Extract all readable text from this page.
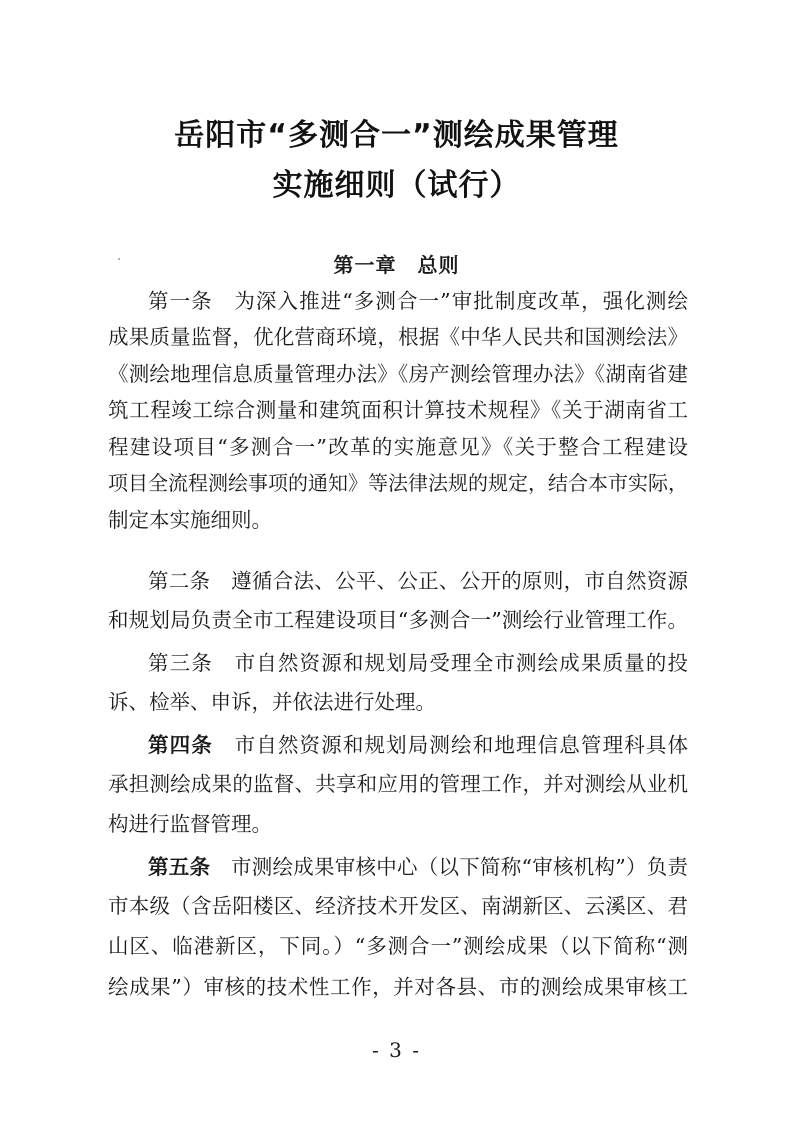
岳阳市“多测合一”测绘成果管理
实施细则（试行）
第一章　总则
第一条　 为深入推进“多测合一”审批制度改革，强化测绘
成果质量监督，优化营商环境，根据《中华人民共和国测绘法》
《测绘地理信息质量管理办法》《房产测绘管理办法》《湖南省建
筑工程竣工综合测量和建筑面积计算技术规程》《关于湖南省工
程建设项目“多测合一”改革的实施意见》《关于整合工程建设
项目全流程测绘事项的通知》等法律法规的规定，结合本市实际，
制定本实施细则。
第二条　 遵循合法、公平、公正、公开的原则，市自然资源
和规划局负责全市工程建设项目“多测合一”测绘行业管理工作。
第三条　 市自然资源和规划局受理全市测绘成果质量的投
诉、检举、申诉，并依法进行处理。
第四条　 市自然资源和规划局测绘和地理信息管理科具体
承担测绘成果的监督、共享和应用的管理工作，并对测绘从业机
构进行监督管理。
第五条　 市测绘成果审核中心（以下简称“审核机构”）负责
市本级（含岳阳楼区、经济技术开发区、南湖新区、云溪区、君
山区、临港新区，下同。）“多测合一”测绘成果（以下简称“测
绘成果”）审核的技术性工作，并对各县、市的测绘成果审核工
- 3 -
